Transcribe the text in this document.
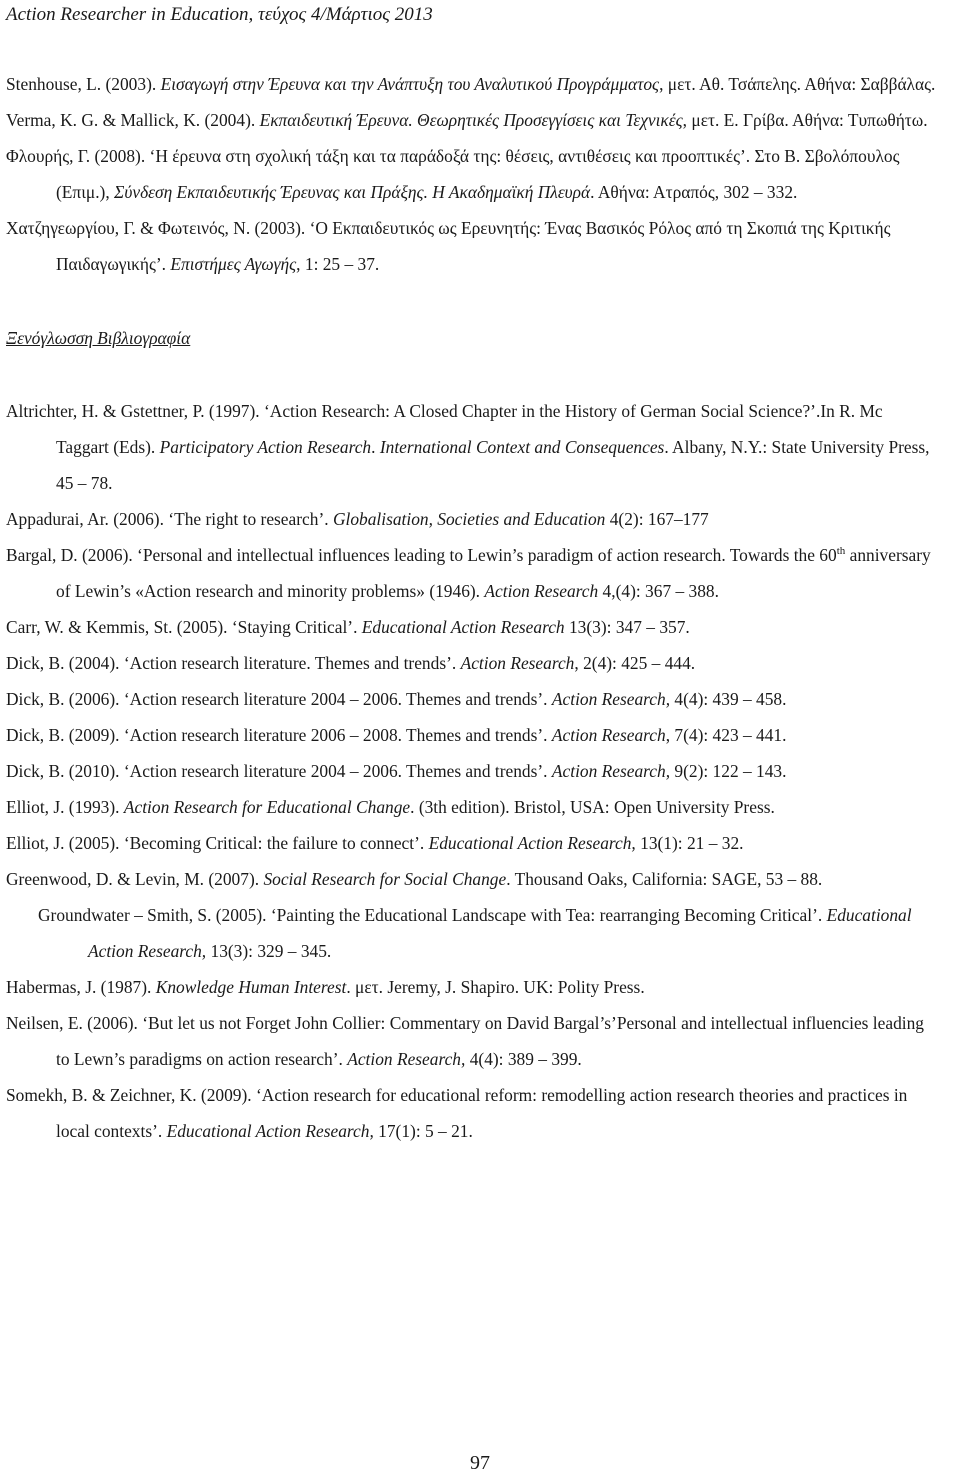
Action Researcher in Education, τεύχος 4/Μάρτιος 2013

Stenhouse, L. (2003). Εισαγωγή στην Έρευνα και την Ανάπτυξη του Αναλυτικού Προγράμματος, μετ. Αθ. Τσάπελης. Αθήνα: Σαββάλας.

Verma, K. G. & Mallick, K. (2004). Εκπαιδευτική Έρευνα. Θεωρητικές Προσεγγίσεις και Τεχνικές, μετ. Ε. Γρίβα. Αθήνα: Τυπωθήτω.

Φλουρής, Γ. (2008). ‘Η έρευνα στη σχολική τάξη και τα παράδοξά της: θέσεις, αντιθέσεις και προοπτικές’. Στο Β. Σβολόπουλος (Επιμ.), Σύνδεση Εκπαιδευτικής Έρευνας και Πράξης. Η Ακαδημαϊκή Πλευρά. Αθήνα: Ατραπός, 302 – 332.

Χατζηγεωργίου, Γ. & Φωτεινός, Ν. (2003). ‘Ο Εκπαιδευτικός ως Ερευνητής: Ένας Βασικός Ρόλος από τη Σκοπιά της Κριτικής Παιδαγωγικής’. Επιστήμες Αγωγής, 1: 25 – 37.

Ξενόγλωσση Βιβλιογραφία

Altrichter, H. & Gstettner, P. (1997). ‘Action Research: A Closed Chapter in the History of German Social Science?’.In R. Mc Taggart (Eds). Participatory Action Research. International Context and Consequences. Albany, N.Y.: State University Press, 45 – 78.

Appadurai, Ar. (2006). ‘The right to research’. Globalisation, Societies and Education 4(2): 167–177

Bargal, D. (2006). ‘Personal and intellectual influences leading to Lewin’s paradigm of action research. Towards the 60th anniversary of Lewin’s «Action research and minority problems» (1946). Action Research 4,(4): 367 – 388.

Carr, W. & Kemmis, St. (2005). ‘Staying Critical’. Educational Action Research 13(3): 347 – 357.

Dick, B. (2004). ‘Action research literature. Themes and trends’. Action Research, 2(4): 425 – 444.

Dick, B. (2006). ‘Action research literature 2004 – 2006. Themes and trends’. Action Research, 4(4): 439 – 458.

Dick, B. (2009). ‘Action research literature 2006 – 2008. Themes and trends’. Action Research, 7(4): 423 – 441.

Dick, B. (2010). ‘Action research literature 2004 – 2006. Themes and trends’. Action Research, 9(2): 122 – 143.

Elliot, J. (1993). Action Research for Educational Change. (3th edition). Bristol, USA: Open University Press.

Elliot, J. (2005). ‘Becoming Critical: the failure to connect’. Educational Action Research, 13(1): 21 – 32.

Greenwood, D. & Levin, M. (2007). Social Research for Social Change. Thousand Oaks, California: SAGE, 53 – 88.

Groundwater – Smith, S. (2005). ‘Painting the Educational Landscape with Tea: rearranging Becoming Critical’. Educational Action Research, 13(3): 329 – 345.

Habermas, J. (1987). Knowledge Human Interest. μετ. Jeremy, J. Shapiro. UK: Polity Press.

Neilsen, E. (2006). ‘But let us not Forget John Collier: Commentary on David Bargal’s’Personal and intellectual influencies leading to Lewn’s paradigms on action research’. Action Research, 4(4): 389 – 399.

Somekh, B. & Zeichner, K. (2009). ‘Action research for educational reform: remodelling action research theories and practices in local contexts’. Educational Action Research, 17(1): 5 – 21.

97
